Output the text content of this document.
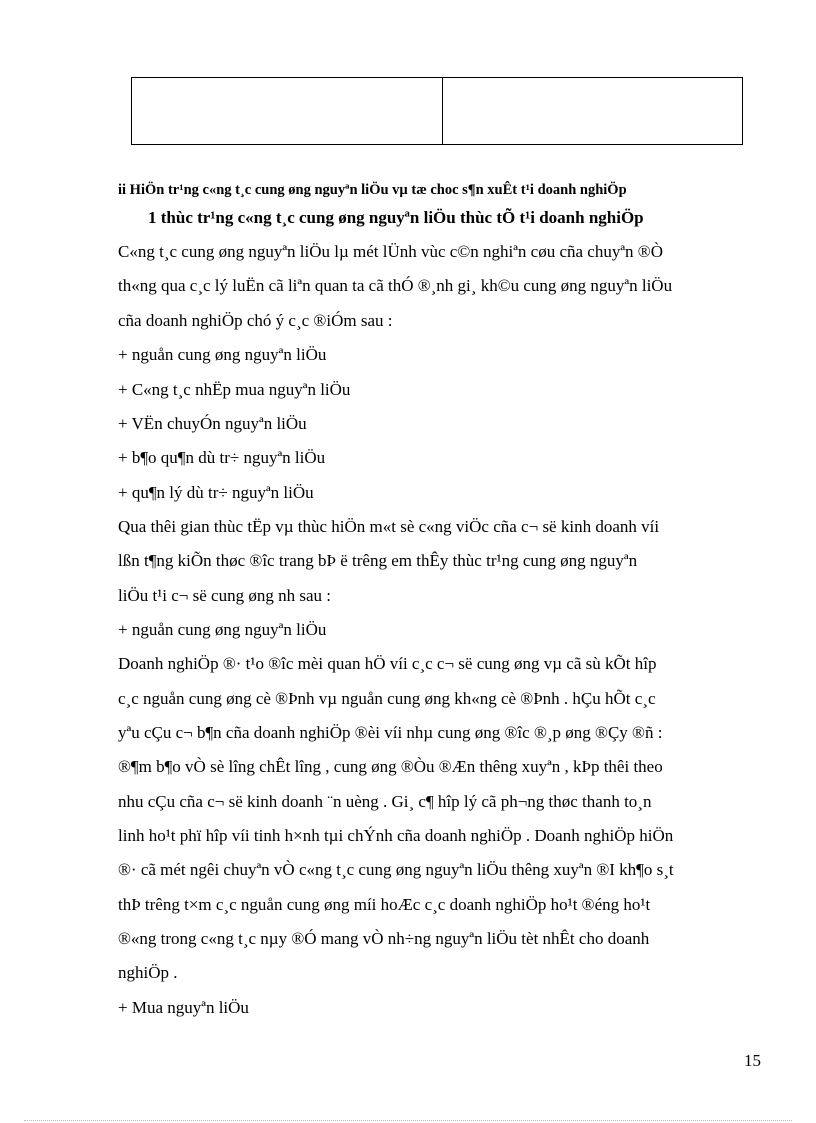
ii HiÖn tr¹ng c«ng t¸c cung øng nguyªn liÖu vµ tæ choc s¶n xuÊt t¹i doanh nghiÖp
1 thùc tr¹ng c«ng t¸c cung øng nguyªn liÖu thùc tÕ t¹i doanh nghiÖp
C«ng t¸c cung øng nguyªn liÖu lµ mét lÜnh vùc c©n nghiªn cøu cña chuyªn ®Ò
th«ng qua c¸c lý luËn cã liªn quan ta cã thÓ ®¸nh gi¸ kh©u cung øng nguyªn liÖu
cña doanh nghiÖp chó ý c¸c ®iÓm sau :
+ nguån cung øng nguyªn liÖu
+ C«ng t¸c nhËp mua nguyªn liÖu
+ VËn chuyÓn nguyªn liÖu
+ b¶o qu¶n dù tr÷ nguyªn liÖu
+ qu¶n lý dù tr÷ nguyªn liÖu
Qua thêi gian thùc tËp vµ thùc hiÖn m«t sè c«ng viÖc cña c¬ së kinh doanh víi
lßn t¶ng kiÕn thøc ®îc trang bÞ ë trêng em thÊy thùc tr¹ng cung øng nguyªn
liÖu t¹i c¬ së cung øng nh sau :
+ nguån cung øng nguyªn liÖu
Doanh nghiÖp ®· t¹o ®îc mèi quan hÖ víi c¸c c¬ së cung øng vµ cã sù kÕt hîp
c¸c nguån cung øng cè ®Þnh vµ nguån cung øng kh«ng cè ®Þnh . hÇu hÕt c¸c
yªu cÇu c¬ b¶n cña doanh nghiÖp ®èi víi nhµ cung øng ®îc ®¸p øng ®Çy ®ñ :
®¶m b¶o vÒ sè lîng chÊt lîng , cung øng ®Òu ®Æn thêng xuyªn , kÞp thêi theo
nhu cÇu cña c¬ së kinh doanh ¨n uèng . Gi¸ c¶ hîp lý cã ph¬ng thøc thanh to¸n
linh ho¹t phï hîp víi tinh h×nh tµi chÝnh cña doanh nghiÖp . Doanh nghiÖp hiÖn
®· cã mét ngêi chuyªn vÒ c«ng t¸c cung øng nguyªn liÖu thêng xuyªn ®I kh¶o s¸t
thÞ trêng t×m c¸c nguån cung øng míi hoÆc c¸c doanh nghiÖp ho¹t ®éng ho¹t
®«ng trong c«ng t¸c nµy ®Ó mang vÒ nh÷ng nguyªn liÖu tèt nhÊt cho doanh
nghiÖp .
+ Mua nguyªn liÖu
15
